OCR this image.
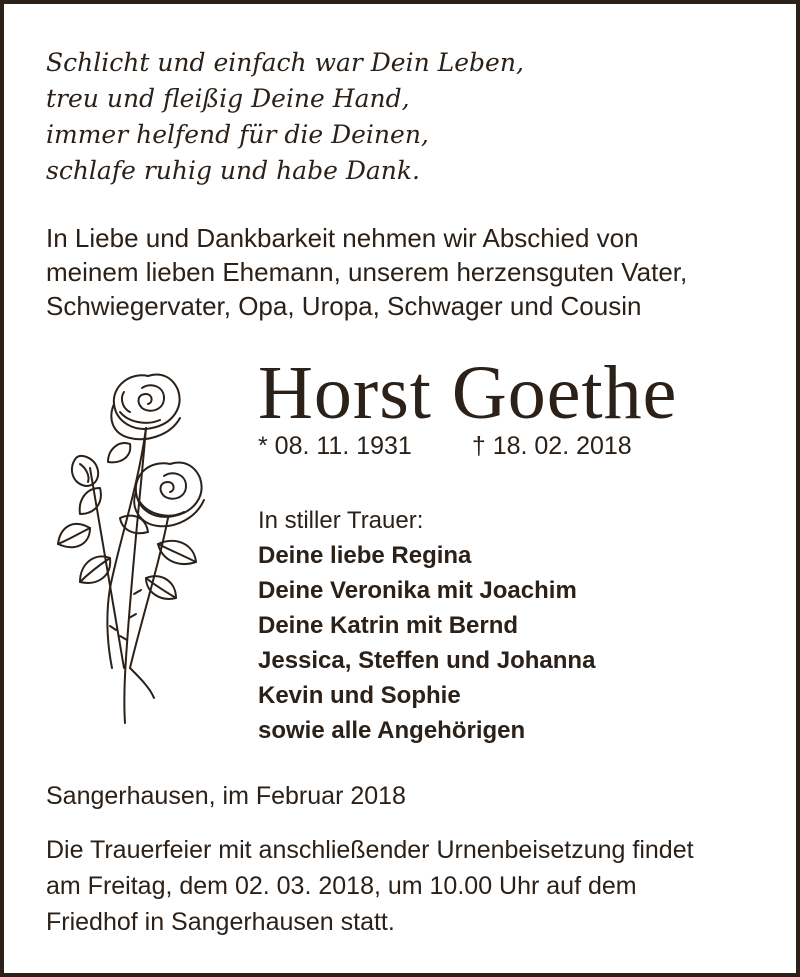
Schlicht und einfach war Dein Leben,
treu und fleißig Deine Hand,
immer helfend für die Deinen,
schlafe ruhig und habe Dank.
In Liebe und Dankbarkeit nehmen wir Abschied von
meinem lieben Ehemann, unserem herzensguten Vater,
Schwiegervater, Opa, Uropa, Schwager und Cousin
Horst Goethe
* 08. 11. 1931 † 18. 02. 2018
In stiller Trauer:
Deine liebe Regina
Deine Veronika mit Joachim
Deine Katrin mit Bernd
Jessica, Steffen und Johanna
Kevin und Sophie
sowie alle Angehörigen
Sangerhausen, im Februar 2018
Die Trauerfeier mit anschließender Urnenbeisetzung findet
am Freitag, dem 02. 03. 2018, um 10.00 Uhr auf dem
Friedhof in Sangerhausen statt.
